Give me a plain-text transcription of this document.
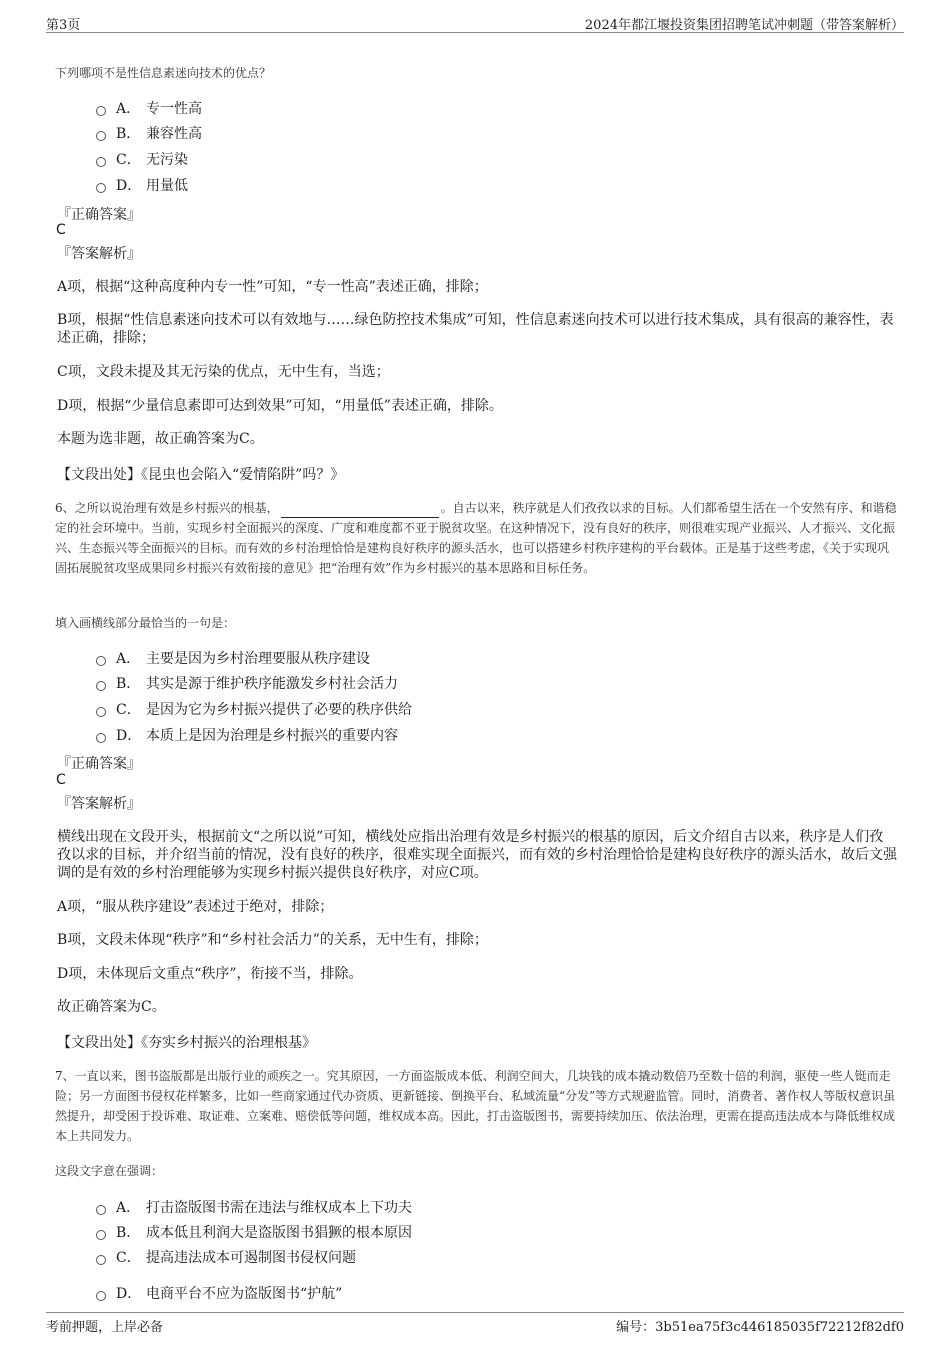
第3页	2024年都江堰投资集团招聘笔试冲刺题（带答案解析）
下列哪项不是性信息素迷向技术的优点？
A． 专一性高
B． 兼容性高
C． 无污染
D． 用量低
『正确答案』
C
『答案解析』
A项，根据“这种高度种内专一性”可知，“专一性高”表述正确，排除；
B项，根据“性信息素迷向技术可以有效地与……绿色防控技术集成”可知，性信息素迷向技术可以进行技术集成，具有很高的兼容性，表述正确，排除；
C项，文段未提及其无污染的优点，无中生有，当选；
D项，根据“少量信息素即可达到效果”可知，“用量低”表述正确，排除。
本题为选非题，故正确答案为C。
【文段出处】《昆虫也会陷入“爱情陷阱”吗？》
6、之所以说治理有效是乡村振兴的根基，	。自古以来，秩序就是人们孜孜以求的目标。人们都希望生活在一个安然有序、和谐稳定的社会环境中。当前，实现乡村全面振兴的深度、广度和难度都不亚于脱贫攻坚。在这种情况下，没有良好的秩序，则很难实现产业振兴、人才振兴、文化振兴、生态振兴等全面振兴的目标。而有效的乡村治理恰恰是建构良好秩序的源头活水，也可以搭建乡村秩序建构的平台载体。正是基于这些考虑，《关于实现巩固拓展脱贫攻坚成果同乡村振兴有效衔接的意见》把“治理有效”作为乡村振兴的基本思路和目标任务。
填入画横线部分最恰当的一句是：
A． 主要是因为乡村治理要服从秩序建设
B． 其实是源于维护秩序能激发乡村社会活力
C． 是因为它为乡村振兴提供了必要的秩序供给
D． 本质上是因为治理是乡村振兴的重要内容
『正确答案』
C
『答案解析』
横线出现在文段开头，根据前文“之所以说”可知，横线处应指出治理有效是乡村振兴的根基的原因，后文介绍自古以来，秩序是人们孜孜以求的目标，并介绍当前的情况，没有良好的秩序，很难实现全面振兴，而有效的乡村治理恰恰是建构良好秩序的源头活水，故后文强调的是有效的乡村治理能够为实现乡村振兴提供良好秩序，对应C项。
A项，“服从秩序建设”表述过于绝对，排除；
B项，文段未体现“秩序”和“乡村社会活力”的关系，无中生有，排除；
D项，未体现后文重点“秩序”，衔接不当，排除。
故正确答案为C。
【文段出处】《夯实乡村振兴的治理根基》
7、一直以来，图书盗版都是出版行业的顽疾之一。究其原因，一方面盗版成本低、利润空间大，几块钱的成本撬动数倍乃至数十倍的利润，驱使一些人铤而走险；另一方面图书侵权花样繁多，比如一些商家通过代办资质、更新链接、倒换平台、私域流量“分发”等方式规避监管。同时，消费者、著作权人等版权意识虽然提升，却受困于投诉难、取证难、立案难、赔偿低等问题，维权成本高。因此，打击盗版图书，需要持续加压、依法治理，更需在提高违法成本与降低维权成本上共同发力。
这段文字意在强调：
A． 打击盗版图书需在违法与维权成本上下功夫
B． 成本低且利润大是盗版图书猖獗的根本原因
C． 提高违法成本可遏制图书侵权问题
D． 电商平台不应为盗版图书“护航”
考前押题，上岸必备	编号：3b51ea75f3c446185035f72212f82df0
